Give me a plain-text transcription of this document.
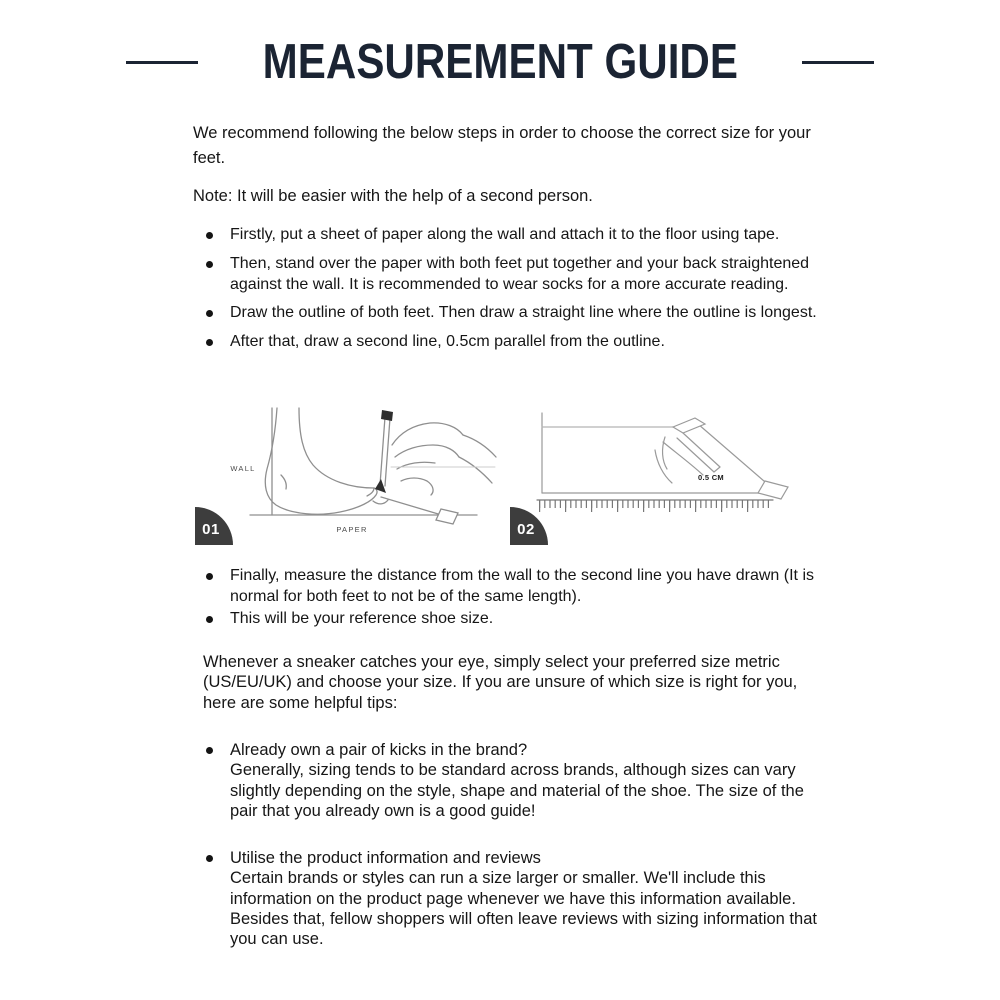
MEASUREMENT GUIDE

We recommend following the below steps in order to choose the correct size for your feet.

Note: It will be easier with the help of a second person.

Firstly, put a sheet of paper along the wall and attach it to the floor using tape.
Then, stand over the paper with both feet put together and your back straightened against the wall. It is recommended to wear socks for a more accurate reading.
Draw the outline of both feet. Then draw a straight line where the outline is longest.
After that, draw a second line, 0.5cm parallel from the outline.
WALL
PAPER
0.5 CM
01	02
Finally, measure the distance from the wall to the second line you have drawn (It is normal for both feet to not be of the same length).
This will be your reference shoe size.
Whenever a sneaker catches your eye, simply select your preferred size metric (US/EU/UK) and choose your size. If you are unsure of which size is right for you, here are some helpful tips:
Already own a pair of kicks in the brand?
Generally, sizing tends to be standard across brands, although sizes can vary slightly depending on the style, shape and material of the shoe. The size of the pair that you already own is a good guide!
Utilise the product information and reviews
Certain brands or styles can run a size larger or smaller. We'll include this information on the product page whenever we have this information available. Besides that, fellow shoppers will often leave reviews with sizing information that you can use.
